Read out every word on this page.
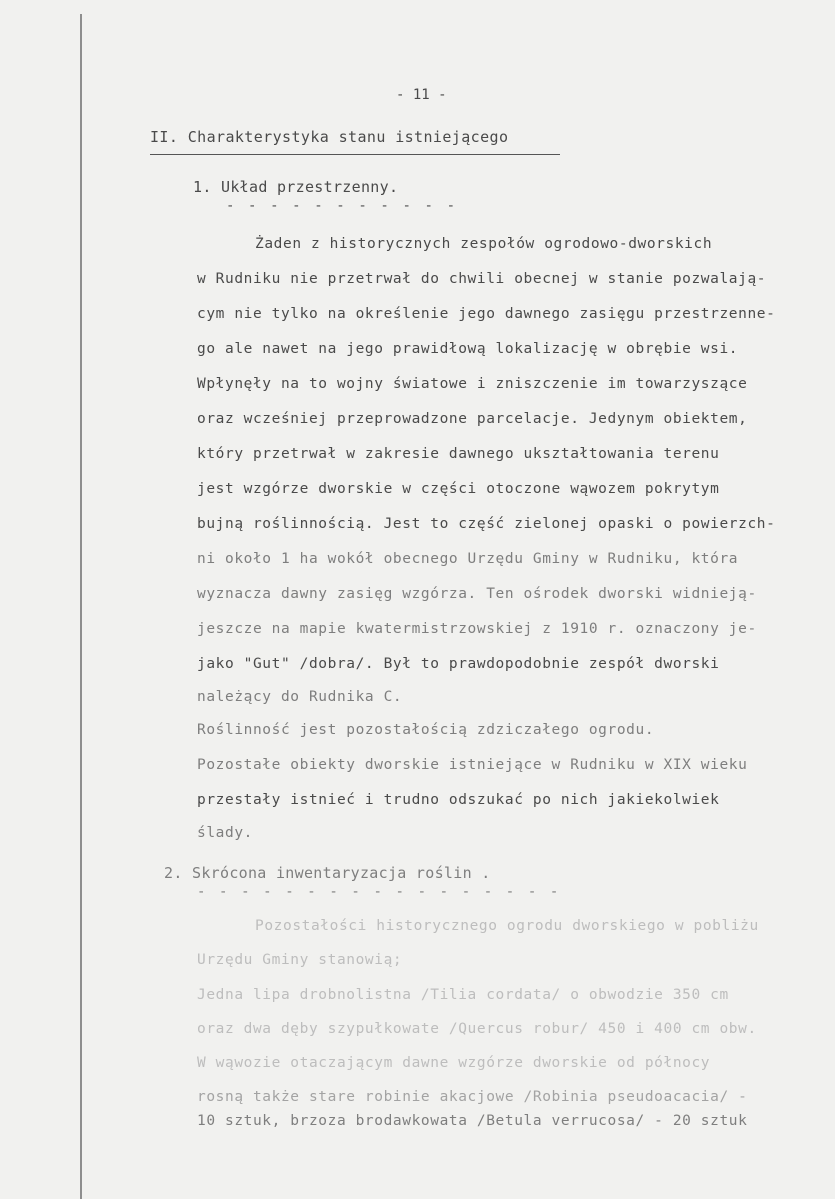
- 11 -
II. Charakterystyka stanu istniejącego
1. Układ przestrzenny.
- - - - - - - - - - -
Żaden z historycznych zespołów ogrodowo-dworskich
w Rudniku nie przetrwał do chwili obecnej w stanie pozwalają-
cym nie tylko na określenie jego dawnego zasięgu przestrzenne-
go ale nawet na jego prawidłową lokalizację w obrębie wsi.
Wpłynęły na to wojny światowe i zniszczenie im towarzyszące
oraz wcześniej przeprowadzone parcelacje. Jedynym obiektem,
który przetrwał w zakresie dawnego ukształtowania terenu
jest wzgórze dworskie w części otoczone wąwozem pokrytym
bujną roślinnością. Jest to część zielonej opaski o powierzch-
ni około 1 ha wokół obecnego Urzędu Gminy w Rudniku, która
wyznacza dawny zasięg wzgórza. Ten ośrodek dworski widnieją-
jeszcze na mapie kwatermistrzowskiej z 1910 r. oznaczony je-
jako "Gut" /dobra/. Był to prawdopodobnie zespół dworski
należący do Rudnika C.
Roślinność jest pozostałością zdziczałego ogrodu.
Pozostałe obiekty dworskie istniejące w Rudniku w XIX wieku
przestały istnieć i trudno odszukać po nich jakiekolwiek
ślady.
2. Skrócona inwentaryzacja roślin .
- - - - - - - - - - - - - - - - -
Pozostałości historycznego ogrodu dworskiego w pobliżu
Urzędu Gminy stanowią;
Jedna lipa drobnolistna /Tilia cordata/ o obwodzie 350 cm
oraz dwa dęby szypułkowate /Quercus robur/ 450 i 400 cm obw.
W wąwozie otaczającym dawne wzgórze dworskie od północy
rosną także stare robinie akacjowe /Robinia pseudoacacia/ -
10 sztuk, brzoza brodawkowata /Betula verrucosa/ - 20 sztuk
